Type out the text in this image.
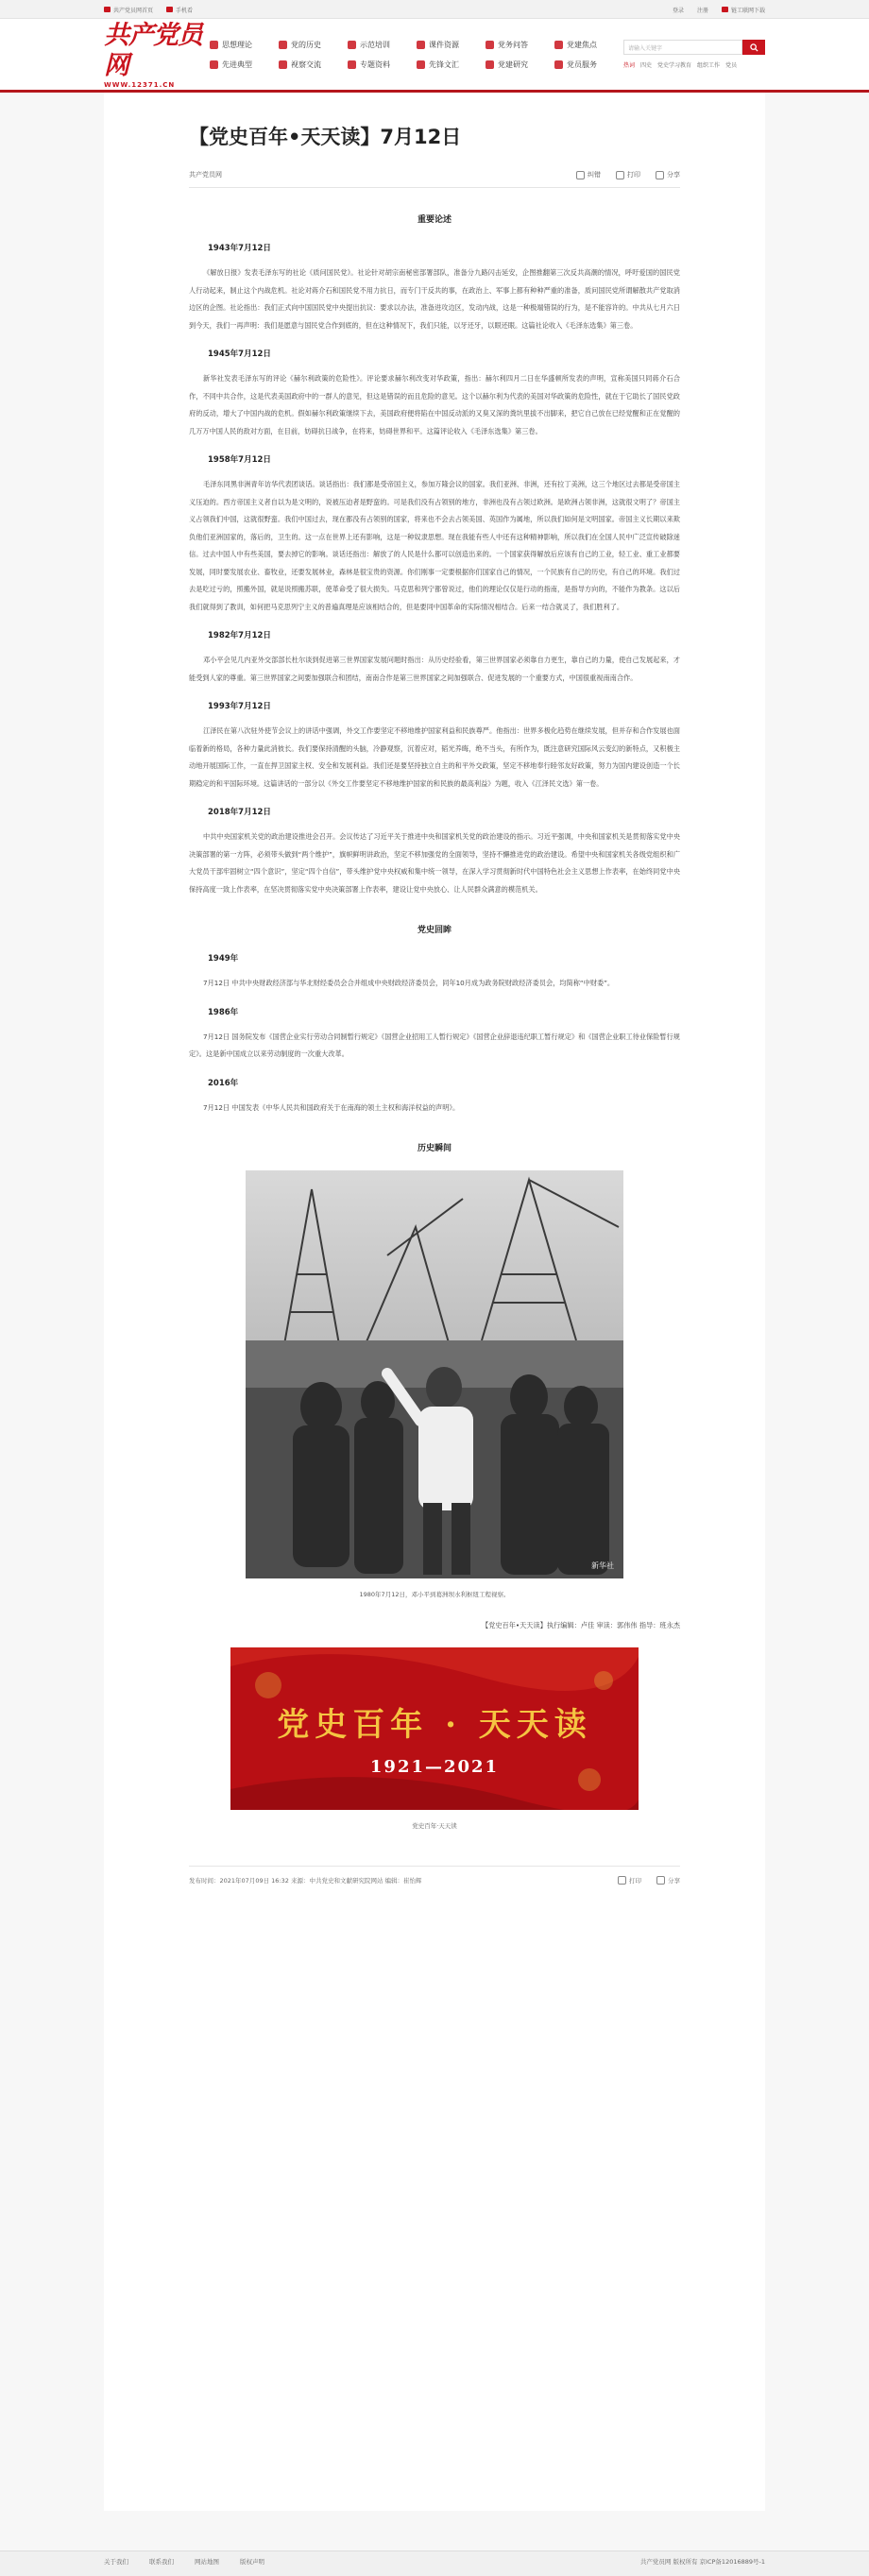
共产党员网首页	手机看	登录 注册	链工联网下载
共产党员网
WWW.12371.CN
思想理论	党的历史	示范培训	课件资源	党务问答	党建焦点
先进典型	视察交流	专题资料	先锋文汇	党建研究	党员服务
请输入关键字
热词 四史 党史学习教育 组织工作 党员
【党史百年•天天读】7月12日
共产党员网	纠错	打印	分享
重要论述
1943年7月12日

《解放日报》发表毛泽东写的社论《质问国民党》。社论针对胡宗南秘密部署部队，准备分九路闪击延安，企图推翻第三次反共高潮的情况，呼吁爱国的国民党人行动起来，制止这个内战危机。社论对蒋介石和国民党不用力抗日，而专门干反共的事，在政治上、军事上都有种种严重的准备，质问国民党所谓解散共产党取消边区的企图。社论指出：我们正式向中国国民党中央提出抗议：要求以办法，准备进攻边区，发动内战，这是一种极端错误的行为，是不能容许的。中共从七月六日到今天，我们一再声明：我们是愿意与国民党合作到底的，但在这种情况下，我们只能，以牙还牙，以眼还眼。这篇社论收入《毛泽东选集》第三卷。

1945年7月12日

新华社发表毛泽东写的评论《赫尔利政策的危险性》。评论要求赫尔利改变对华政策，指出：赫尔利四月二日在华盛顿所发表的声明，宣称美国只同蒋介石合作，不同中共合作，这是代表美国政府中的一群人的意见，但这是错误的而且危险的意见。这个以赫尔利为代表的美国对华政策的危险性，就在于它助长了国民党政府的反动，增大了中国内战的危机。假如赫尔利政策继续下去，美国政府便将陷在中国反动派的又臭又深的粪坑里拔不出脚来，把它自己放在已经觉醒和正在觉醒的几万万中国人民的敌对方面，在目前，妨碍抗日战争，在将来，妨碍世界和平。这篇评论收入《毛泽东选集》第三卷。

1958年7月12日

毛泽东同黑非洲青年访华代表团谈话。谈话指出：我们都是受帝国主义，参加万隆会议的国家。我们亚洲、非洲，还有拉丁美洲，这三个地区过去都是受帝国主义压迫的。西方帝国主义者自以为是文明的，说被压迫者是野蛮的。可是我们没有占领别的地方，非洲也没有占领过欧洲。是欧洲占领非洲，这就很文明了？帝国主义占领我们中国，这就很野蛮。我们中国过去，现在都没有占领别的国家，将来也不会去占领美国、英国作为属地，所以我们如何是文明国家。帝国主义长期以来欺负他们亚洲国家的，落后的，卫生的。这一点在世界上还有影响，这是一种奴隶思想。现在我能有些人中还有这种精神影响，所以我们在全国人民中广泛宣传破除迷信。过去中国人中有些美国，要去掉它的影响。谈话还指出：解放了的人民是什么都可以创造出来的。一个国家获得解放后应该有自己的工业，轻工业、重工业都要发展，同时要发展农业、畜牧业，还要发展林业，森林是很宝贵的资源。你们刚事一定要根据你们国家自己的情况，一个民族有自己的历史，有自己的环境。我们过去是吃过亏的，照搬外国，就是说照搬苏联，使革命受了很大损失。马克思和列宁都曾说过，他们的理论仅仅是行动的指南，是指导方向的，不能作为教条。这以后我们就得到了教训，如何把马克思列宁主义的普遍真理是应该相结合的，但是要同中国革命的实际情况相结合。后来一结合就灵了，我们胜利了。

1982年7月12日

邓小平会见几内亚外交部部长杜尔谈到促进第三世界国家发展问题时指出：从历史经验看，第三世界国家必须靠自力更生，靠自己的力量，使自己发展起来，才能受到人家的尊重。第三世界国家之间要加强联合和团结，南南合作是第三世界国家之间加强联合、促进发展的一个重要方式，中国很重视南南合作。

1993年7月12日

江泽民在第八次驻外使节会议上的讲话中强调，外交工作要坚定不移地维护国家利益和民族尊严。他指出：世界多极化趋势在继续发展，但并存和合作发展也面临着新的格局，各种力量此消彼长。我们要保持清醒的头脑，冷静观察，沉着应对，韬光养晦，绝不当头，有所作为，既注意研究国际风云变幻的新特点，又积极主动地开展国际工作，一直在捍卫国家主权、安全和发展利益。我们还是要坚持独立自主的和平外交政策，坚定不移地奉行睦邻友好政策，努力为国内建设创造一个长期稳定的和平国际环境。这篇讲话的一部分以《外交工作要坚定不移地维护国家的和民族的最高利益》为题，收入《江泽民文选》第一卷。

2018年7月12日

中共中央国家机关党的政治建设推进会召开。会议传达了习近平关于推进中央和国家机关党的政治建设的指示。习近平强调，中央和国家机关是贯彻落实党中央决策部署的第一方阵，必须带头做到“两个维护”，旗帜鲜明讲政治，坚定不移加强党的全面领导，坚持不懈推进党的政治建设。希望中央和国家机关各级党组织和广大党员干部牢固树立“四个意识”，坚定“四个自信”，带头维护党中央权威和集中统一领导，在深入学习贯彻新时代中国特色社会主义思想上作表率，在始终同党中央保持高度一致上作表率，在坚决贯彻落实党中央决策部署上作表率，建设让党中央放心、让人民群众满意的模范机关。

党史回眸
1949年

7月12日 中共中央财政经济部与华北财经委员会合并组成中央财政经济委员会，同年10月成为政务院财政经济委员会，均简称“中财委”。

1986年

7月12日 国务院发布《国营企业实行劳动合同制暂行规定》《国营企业招用工人暂行规定》《国营企业辞退违纪职工暂行规定》和《国营企业职工待业保险暂行规定》。这是新中国成立以来劳动制度的一次重大改革。

2016年

7月12日 中国发表《中华人民共和国政府关于在南海的领土主权和海洋权益的声明》。

历史瞬间
新华社
1980年7月12日，邓小平到葛洲坝水利枢纽工程视察。
【党史百年•天天读】执行编辑：卢佳 审读：郭伟伟 指导：班永杰
党史百年 · 天天读
1921—2021
党史百年·天天读
发布时间：2021年07月09日 16:32 来源：中共党史和文献研究院网站 编辑：崔怡辉	打印	分享
关于我们	联系我们	网站地图	版权声明	共产党员网 版权所有 京ICP备12016889号-1
